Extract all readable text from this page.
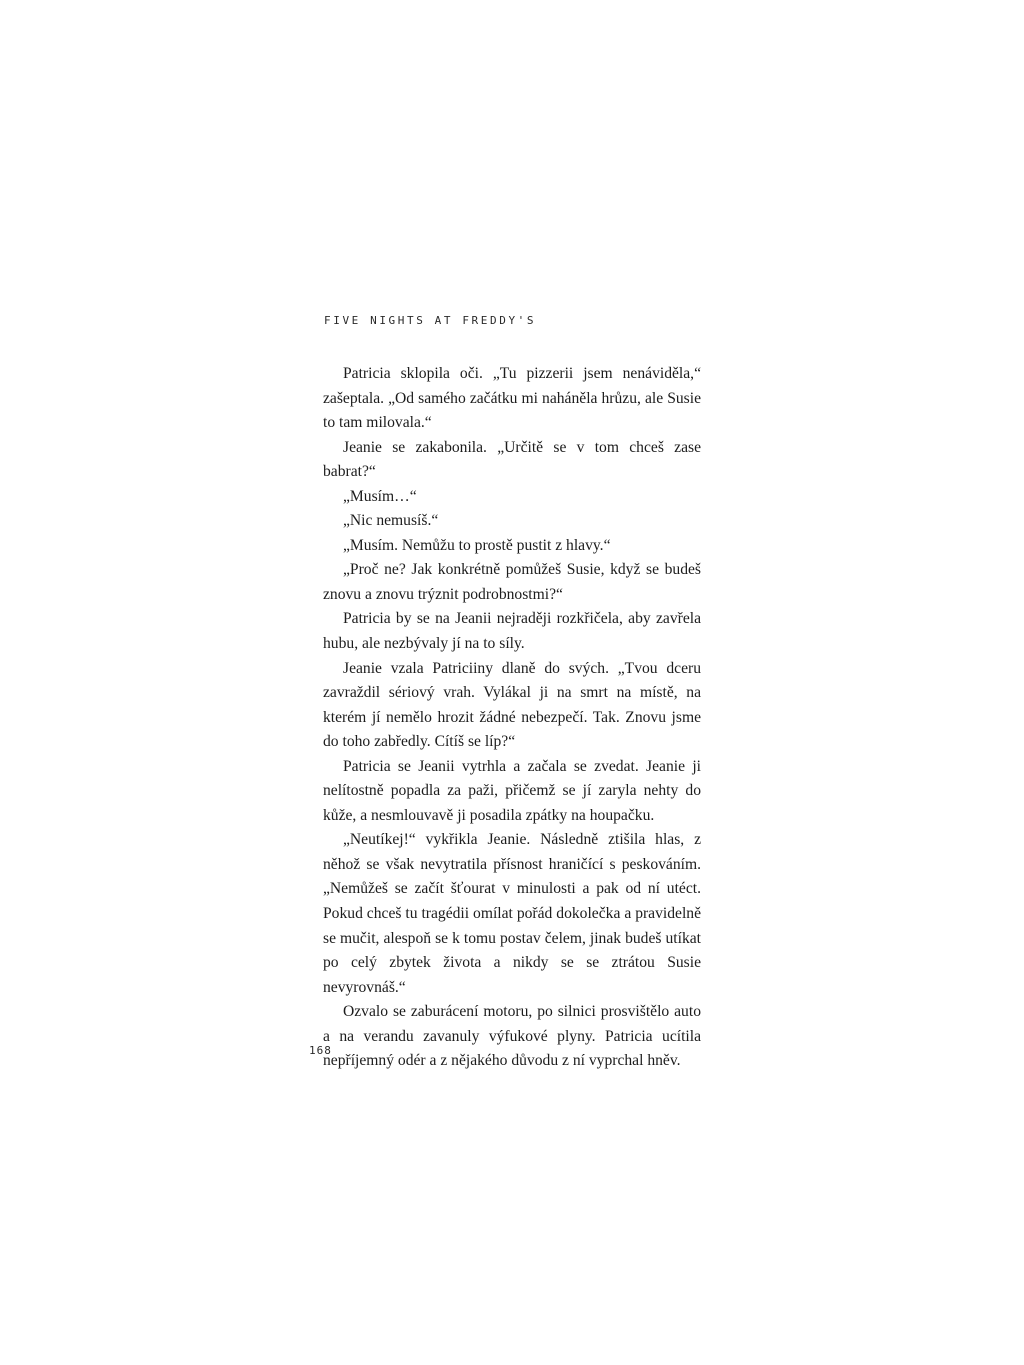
FIVE NIGHTS AT FREDDY'S

Patricia sklopila oči. „Tu pizzerii jsem nenáviděla,“ zašeptala. „Od samého začátku mi naháněla hrůzu, ale Susie to tam milovala.“

Jeanie se zakabonila. „Určitě se v tom chceš zase babrat?“

„Musím…“

„Nic nemusíš.“

„Musím. Nemůžu to prostě pustit z hlavy.“

„Proč ne? Jak konkrétně pomůžeš Susie, když se budeš znovu a znovu trýznit podrobnostmi?“

Patricia by se na Jeanii nejraději rozkřičela, aby zavřela hubu, ale nezbývaly jí na to síly.

Jeanie vzala Patriciiny dlaně do svých. „Tvou dceru zavraždil sériový vrah. Vylákal ji na smrt na místě, na kterém jí nemělo hrozit žádné nebezpečí. Tak. Znovu jsme do toho zabředly. Cítíš se líp?“

Patricia se Jeanii vytrhla a začala se zvedat. Jeanie ji nelítostně popadla za paži, přičemž se jí zaryla nehty do kůže, a nesmlouvavě ji posadila zpátky na houpačku.

„Neutíkej!“ vykřikla Jeanie. Následně ztišila hlas, z něhož se však nevytratila přísnost hraničící s peskováním. „Nemůžeš se začít šťourat v minulosti a pak od ní utéct. Pokud chceš tu tragédii omílat pořád dokolečka a pravidelně se mučit, alespoň se k tomu postav čelem, jinak budeš utíkat po celý zbytek života a nikdy se se ztrátou Susie nevyrovnáš.“

Ozvalo se zaburácení motoru, po silnici prosvištělo auto a na verandu zavanuly výfukové plyny. Patricia ucítila nepříjemný odér a z nějakého důvodu z ní vyprchal hněv.

168
